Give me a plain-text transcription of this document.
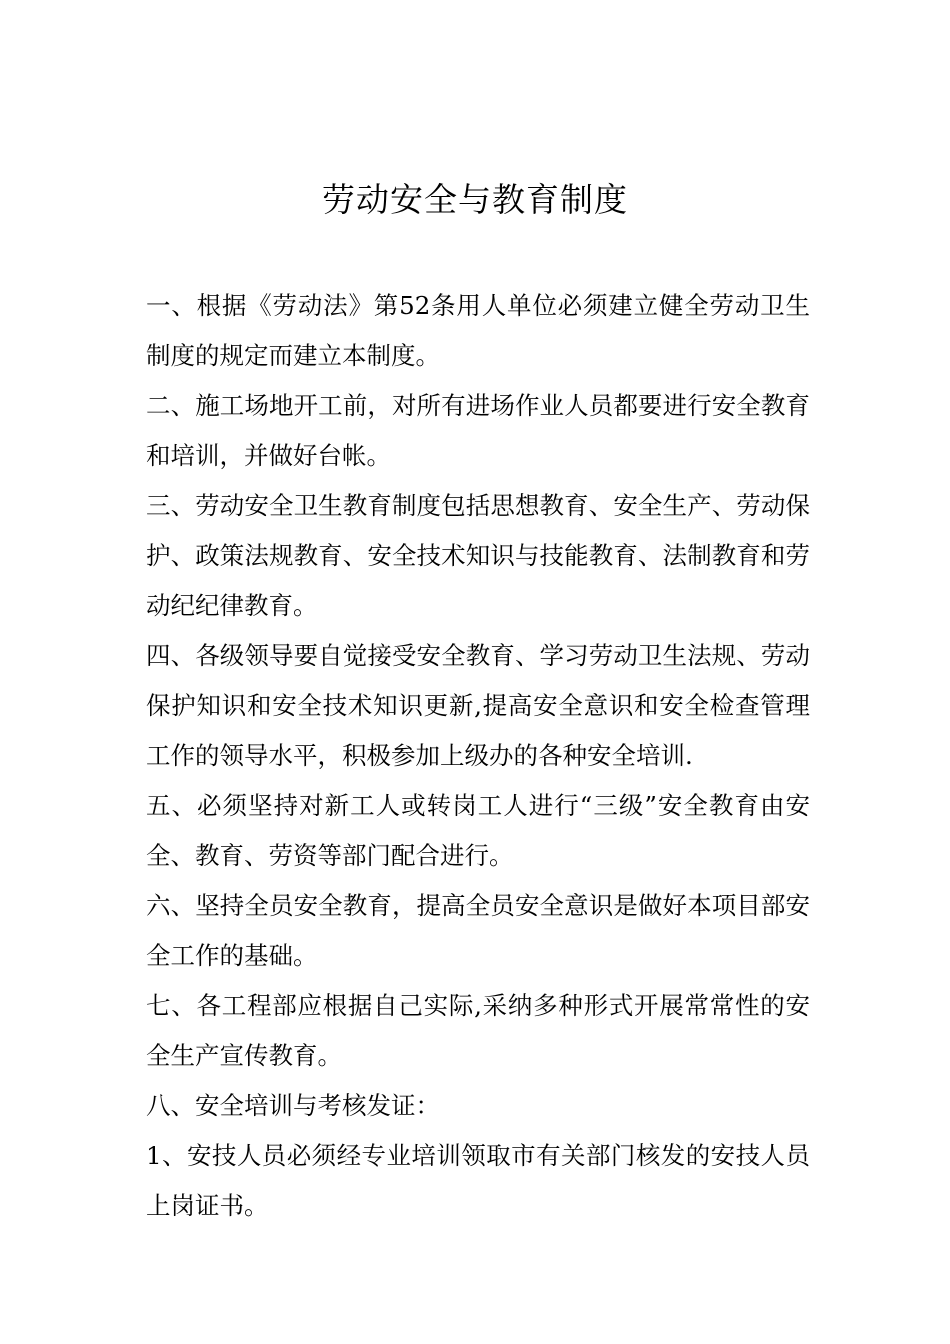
劳动安全与教育制度

一、根据《劳动法》第52条用人单位必须建立健全劳动卫生制度的规定而建立本制度。

二、施工场地开工前，对所有进场作业人员都要进行安全教育和培训，并做好台帐。

三、劳动安全卫生教育制度包括思想教育、安全生产、劳动保护、政策法规教育、安全技术知识与技能教育、法制教育和劳动纪纪律教育。

四、各级领导要自觉接受安全教育、学习劳动卫生法规、劳动保护知识和安全技术知识更新,提高安全意识和安全检查管理工作的领导水平，积极参加上级办的各种安全培训.

五、必须坚持对新工人或转岗工人进行“三级”安全教育由安全、教育、劳资等部门配合进行。

六、坚持全员安全教育，提高全员安全意识是做好本项目部安全工作的基础。

七、各工程部应根据自己实际,采纳多种形式开展常常性的安全生产宣传教育。

八、安全培训与考核发证：

1、安技人员必须经专业培训领取市有关部门核发的安技人员上岗证书。
